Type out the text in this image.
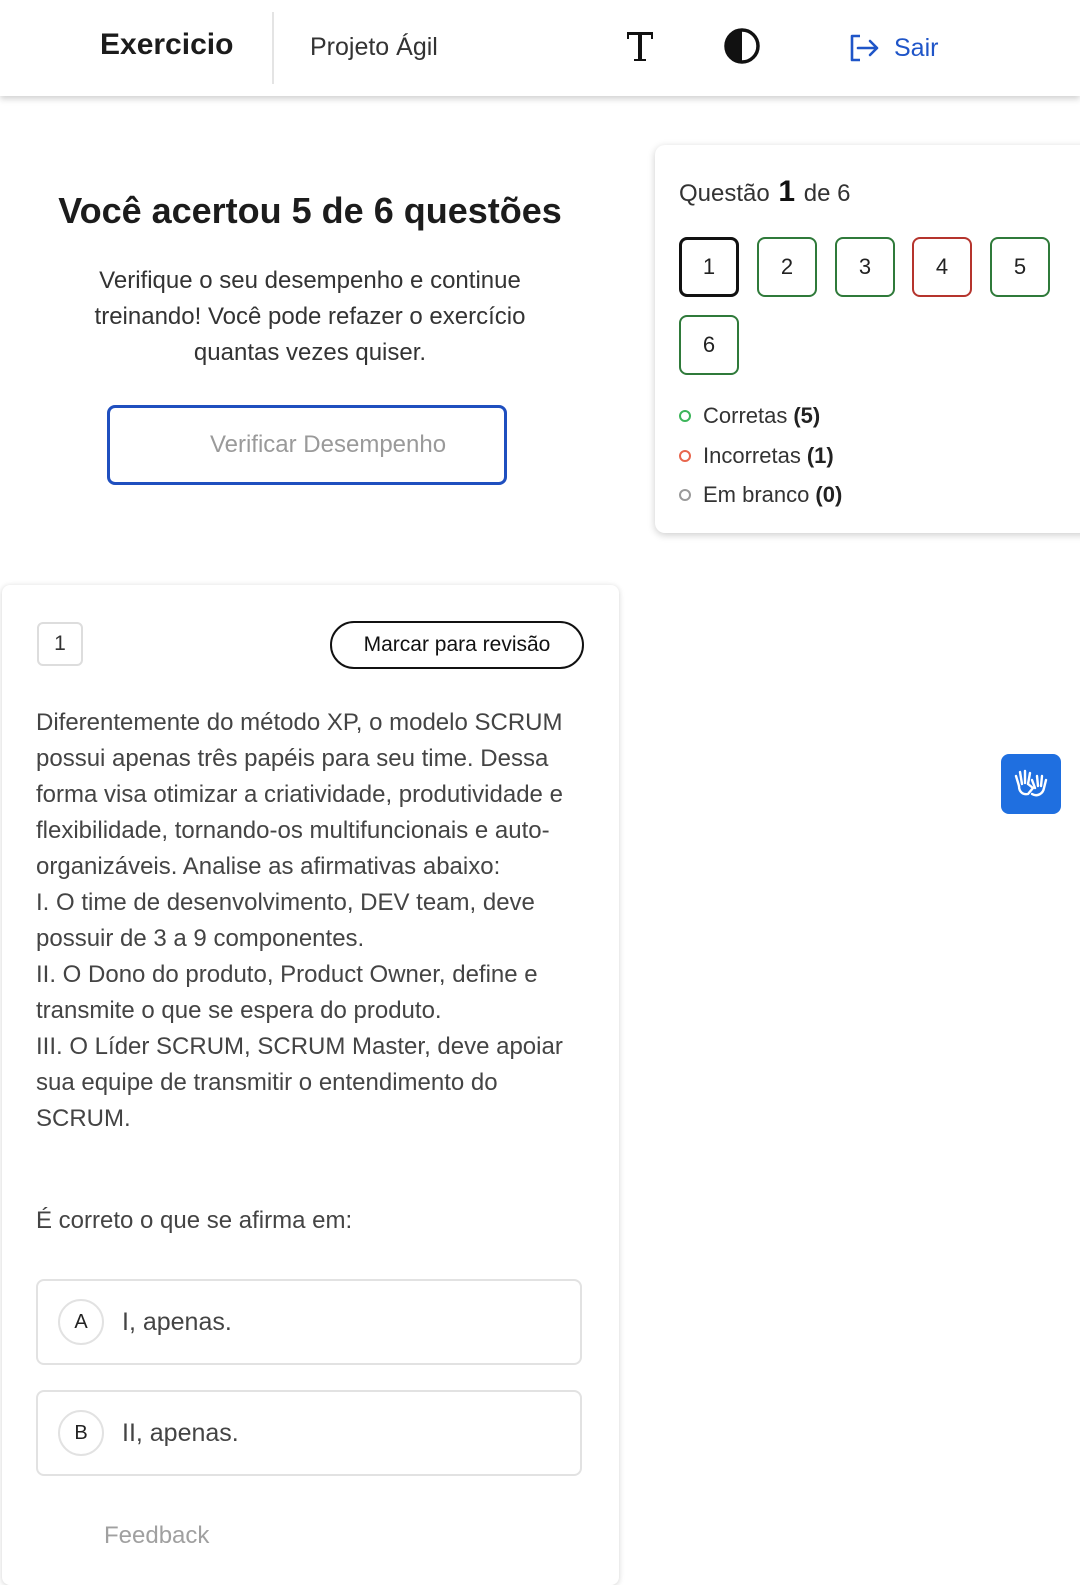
Exercicio	Projeto Ágil	Sair
Você acertou 5 de 6 questões
Verifique o seu desempenho e continue treinando! Você pode refazer o exercício quantas vezes quiser.
Verificar Desempenho
Questão 1 de 6
1	2	3	4	5
6
Corretas (5)
Incorretas (1)
Em branco (0)
1	Marcar para revisão

Diferentemente do método XP, o modelo SCRUM possui apenas três papéis para seu time. Dessa forma visa otimizar a criatividade, produtividade e flexibilidade, tornando-os multifuncionais e auto-organizáveis. Analise as afirmativas abaixo:

I. O time de desenvolvimento, DEV team, deve possuir de 3 a 9 componentes.

II. O Dono do produto, Product Owner, define e transmite o que se espera do produto.

III. O Líder SCRUM, SCRUM Master, deve apoiar sua equipe de transmitir o entendimento do SCRUM.

É correto o que se afirma em:
A	I, apenas.
B	II, apenas.
Feedback
